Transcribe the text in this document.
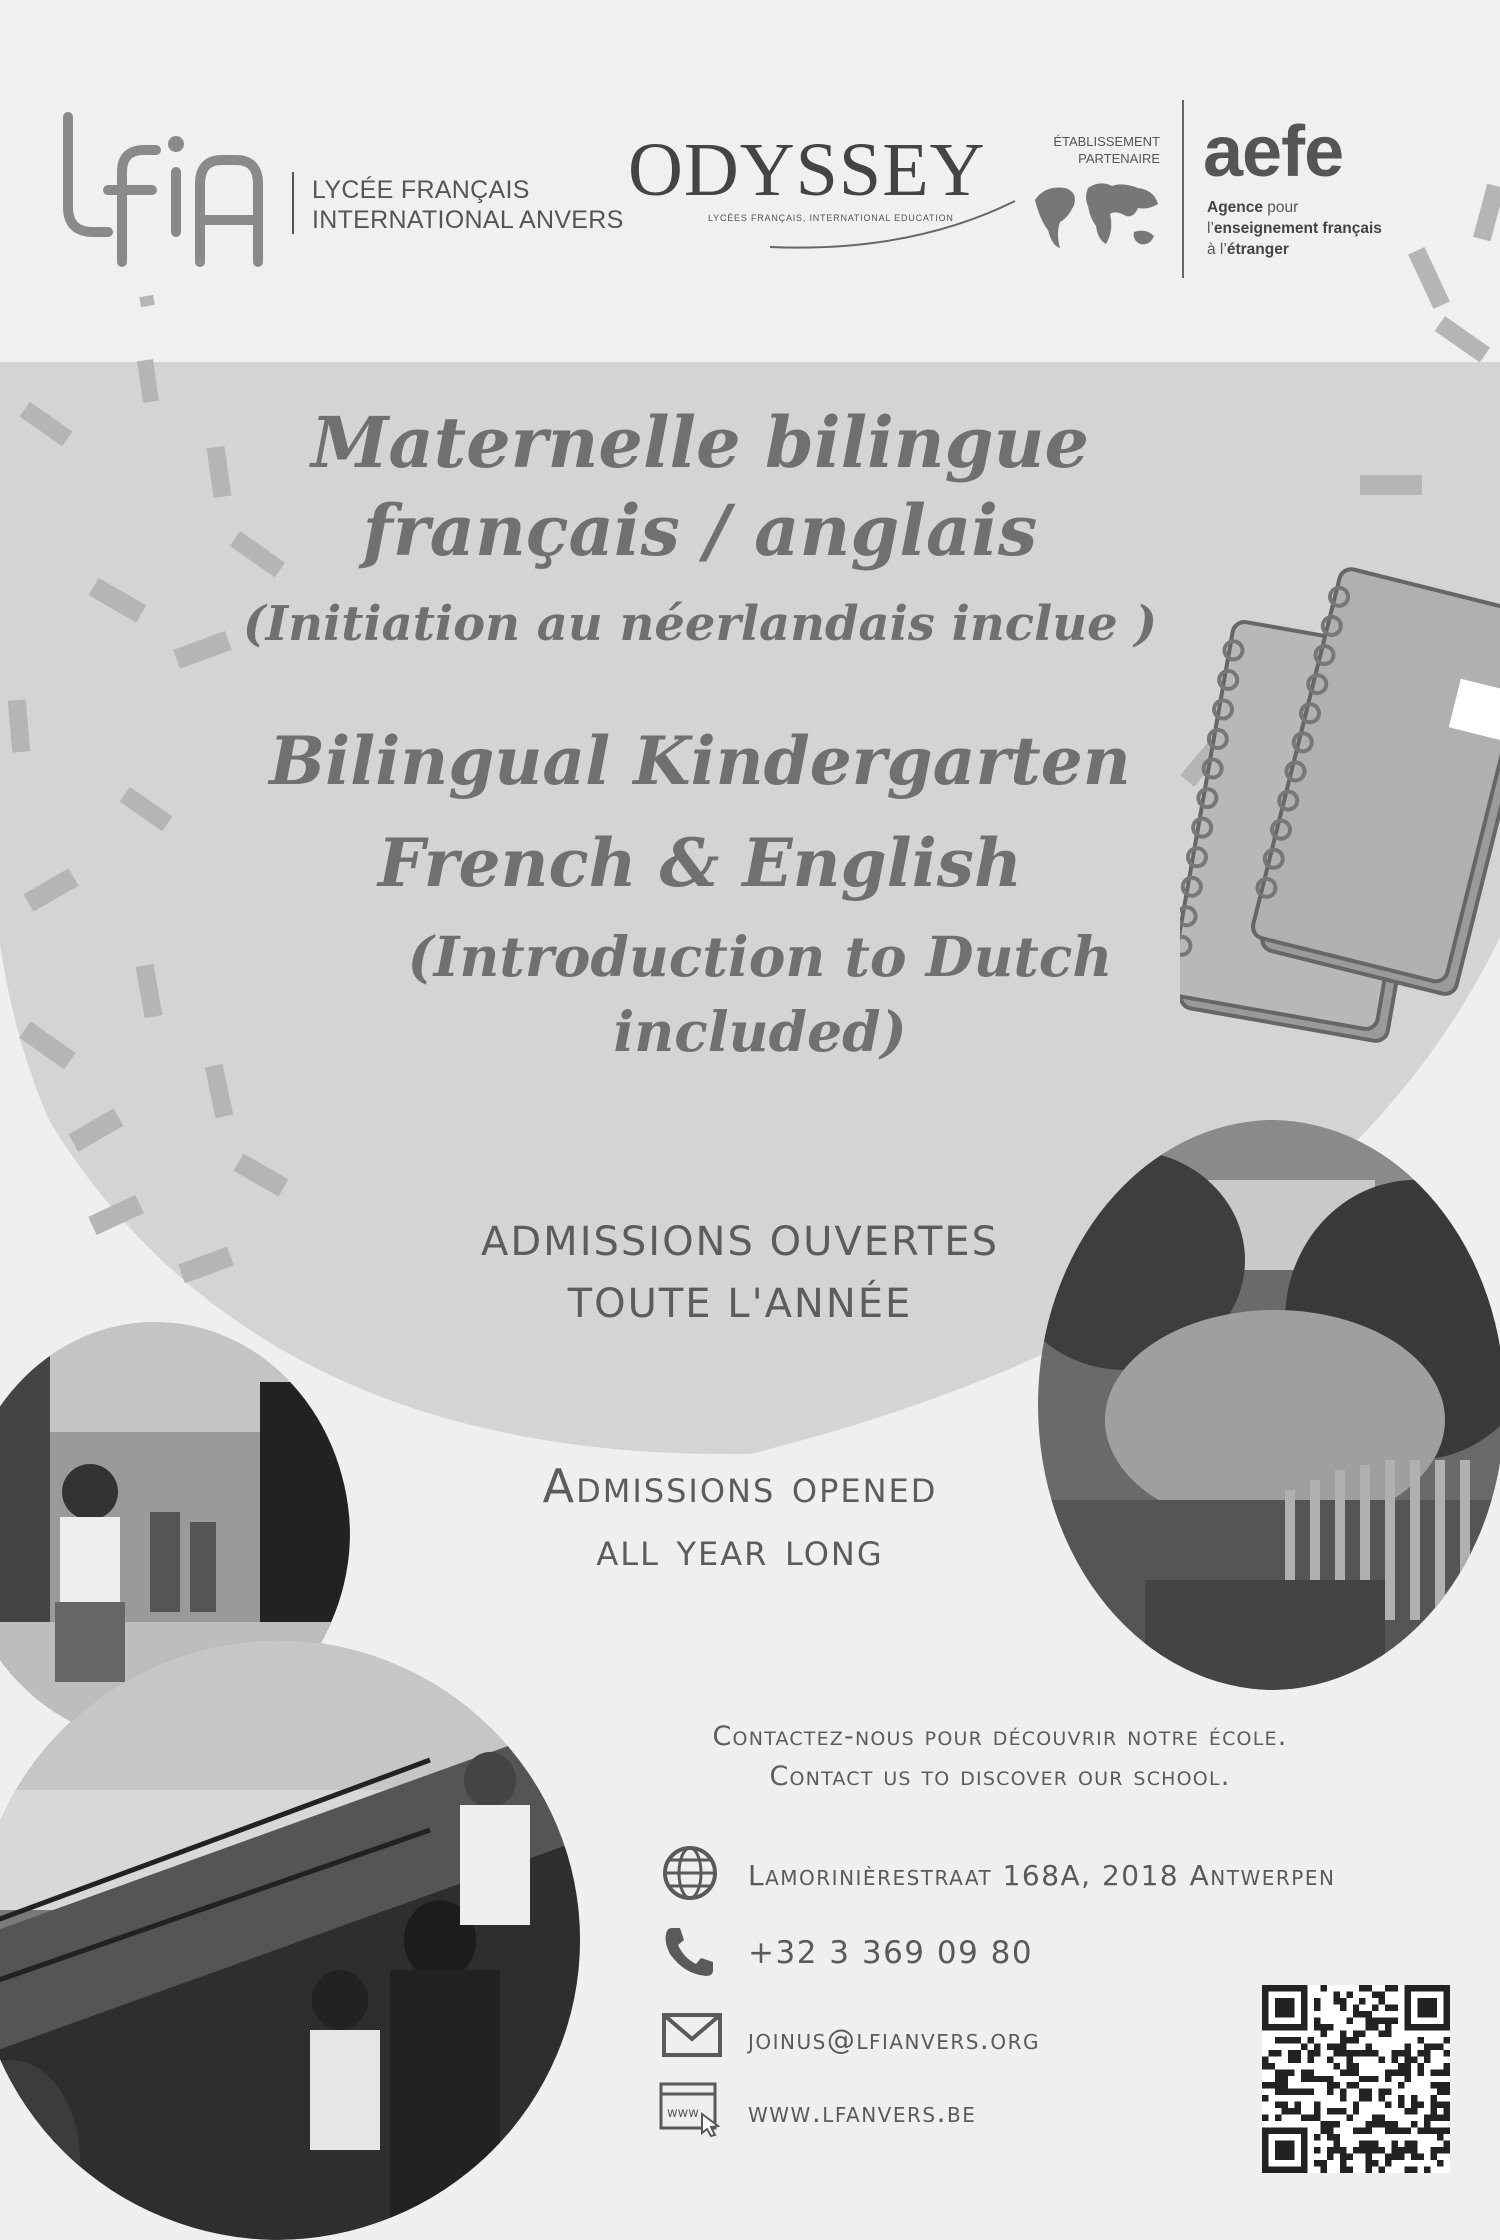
lfiA
LYCÉE FRANÇAIS
INTERNATIONAL ANVERS
ODYSSEY
LYCÉES FRANÇAIS, INTERNATIONAL EDUCATION
ÉTABLISSEMENT
PARTENAIRE aefe
Agence pour
l’enseignement français
à l’étranger
Maternelle bilingue
français / anglais
(Initiation au néerlandais inclue )
Bilingual Kindergarten
French & English
(Introduction to Dutch
included)
ADMISSIONS OUVERTES
TOUTE L'ANNÉE
Admissions opened
all year long
Contactez-nous pour découvrir notre école.
Contact us to discover our school.
Lamorinièrestraat 168A, 2018 Antwerpen
+32 3 369 09 80
joinus@lfianvers.org
www www.lfanvers.be
